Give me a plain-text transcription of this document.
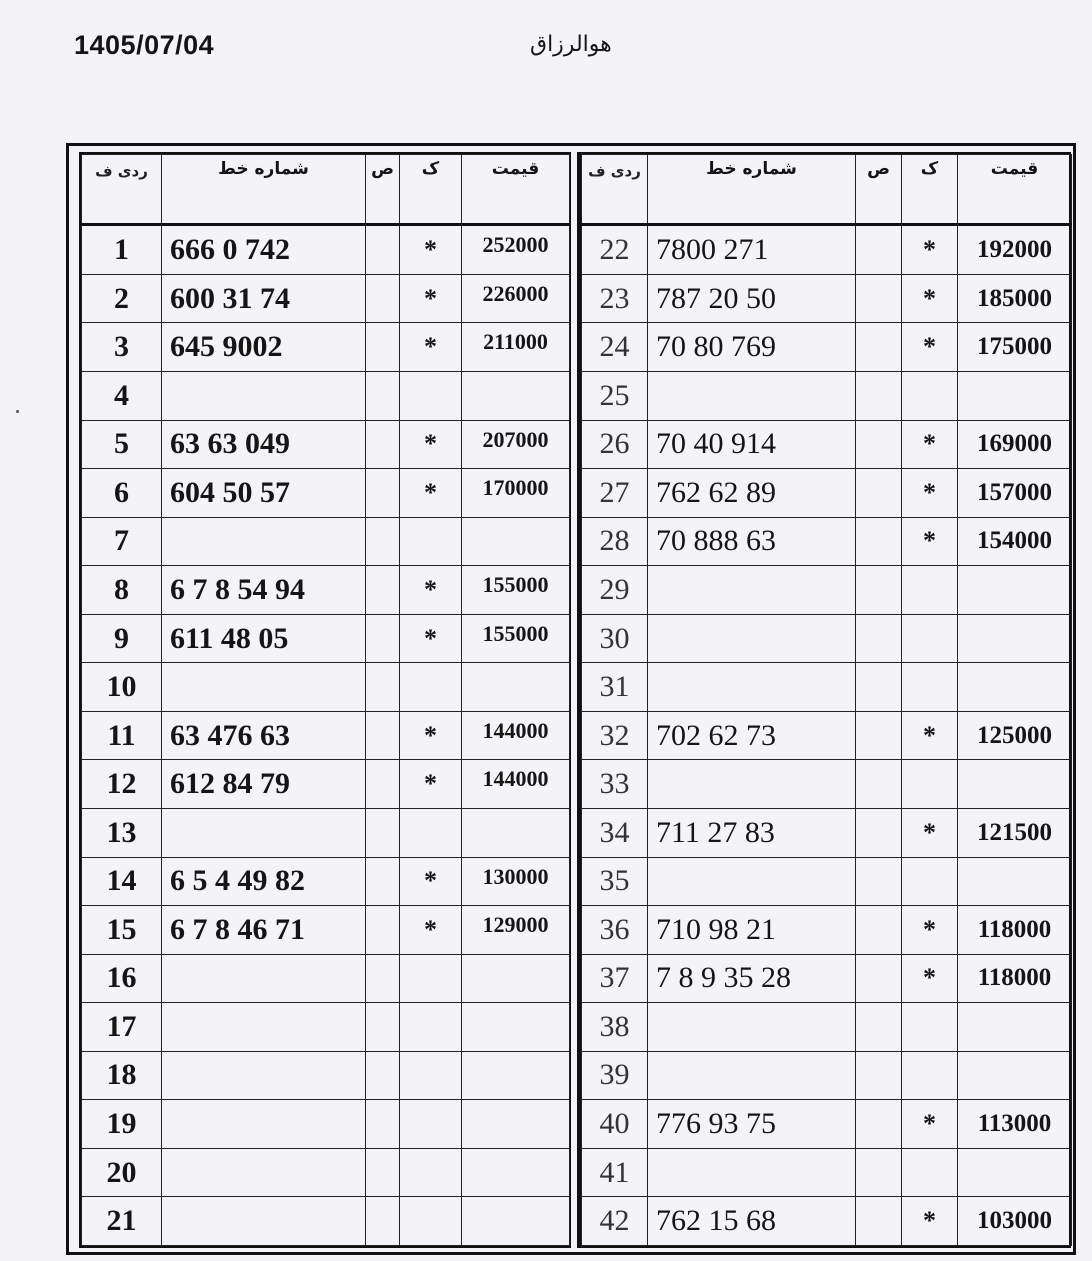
1405/07/04	هوالرزاق
ردی ف	شماره خط	ص	ک	قیمت
1	666 0 742		*	252000
2	600 31 74		*	226000
3	645 9002		*	211000
4				
5	63 63 049		*	207000
6	604 50 57		*	170000
7				
8	6 7 8 54 94		*	155000
9	611 48 05		*	155000
10				
11	63 476 63		*	144000
12	612 84 79		*	144000
13				
14	6 5 4 49 82		*	130000
15	6 7 8 46 71		*	129000
16				
17				
18				
19				
20				
21				
ردی ف	شماره خط	ص	ک	قیمت
22	7800 271		*	192000
23	787 20 50		*	185000
24	70 80 769		*	175000
25				
26	70 40 914		*	169000
27	762 62 89		*	157000
28	70 888 63		*	154000
29				
30				
31				
32	702 62 73		*	125000
33				
34	711 27 83		*	121500
35				
36	710 98 21		*	118000
37	7 8 9 35 28		*	118000
38				
39				
40	776 93 75		*	113000
41				
42	762 15 68		*	103000
